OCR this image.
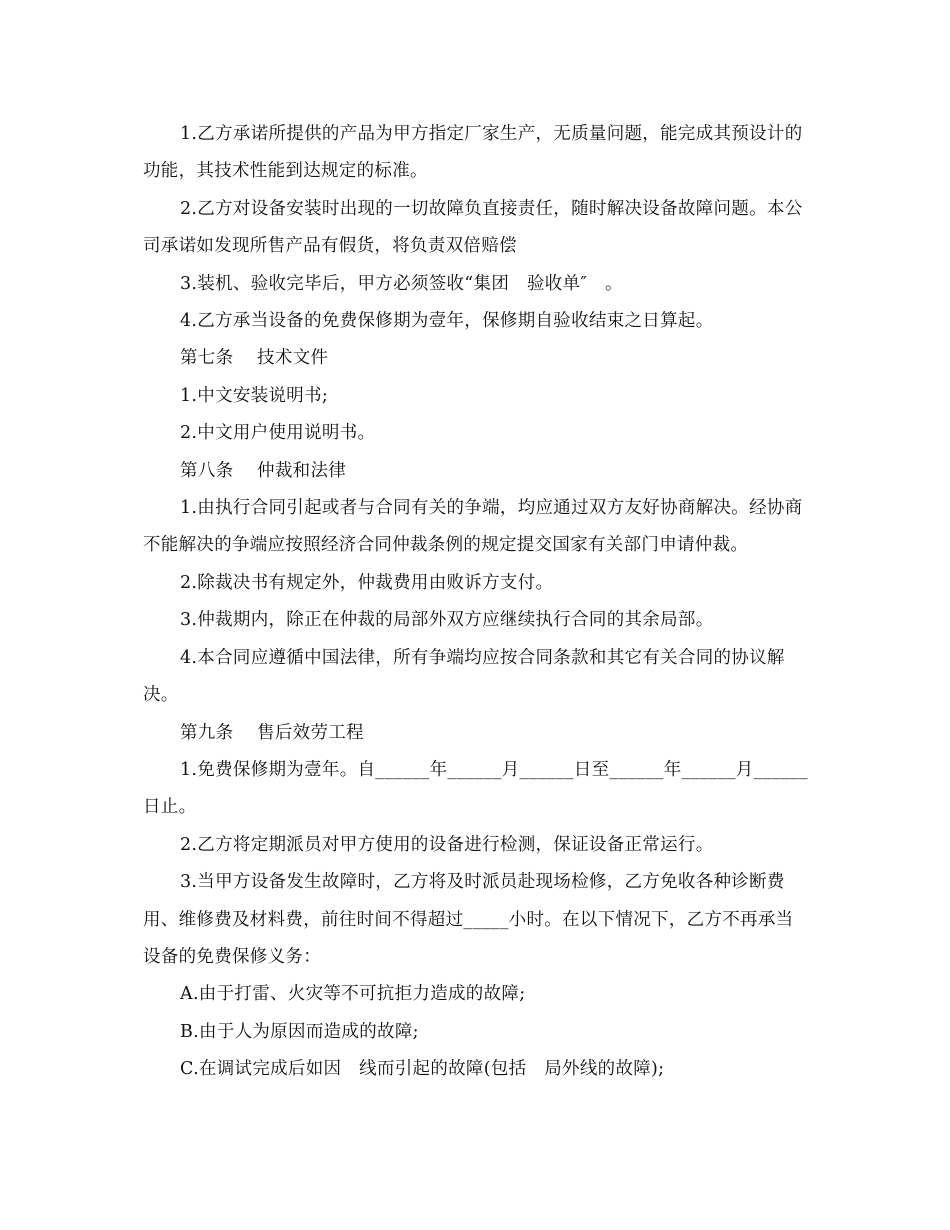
1.乙方承诺所提供的产品为甲方指定厂家生产，无质量问题，能完成其预设计的功能，其技术性能到达规定的标准。

2.乙方对设备安装时出现的一切故障负直接责任，随时解决设备故障问题。本公司承诺如发现所售产品有假货，将负责双倍赔偿

3.装机、验收完毕后，甲方必须签收“集团　验收单″　。

4.乙方承当设备的免费保修期为壹年，保修期自验收结束之日算起。

第七条　 技术文件

1.中文安装说明书;

2.中文用户使用说明书。

第八条　 仲裁和法律

1.由执行合同引起或者与合同有关的争端，均应通过双方友好协商解决。经协商不能解决的争端应按照经济合同仲裁条例的规定提交国家有关部门申请仲裁。

2.除裁决书有规定外，仲裁费用由败诉方支付。

3.仲裁期内，除正在仲裁的局部外双方应继续执行合同的其余局部。

4.本合同应遵循中国法律，所有争端均应按合同条款和其它有关合同的协议解决。

第九条　 售后效劳工程

1.免费保修期为壹年。自______年______月______日至______年______月______日止。

2.乙方将定期派员对甲方使用的设备进行检测，保证设备正常运行。

3.当甲方设备发生故障时，乙方将及时派员赴现场检修，乙方免收各种诊断费用、维修费及材料费，前往时间不得超过_____小时。在以下情况下，乙方不再承当设备的免费保修义务：

A.由于打雷、火灾等不可抗拒力造成的故障;

B.由于人为原因而造成的故障;

C.在调试完成后如因　线而引起的故障(包括　局外线的故障);
